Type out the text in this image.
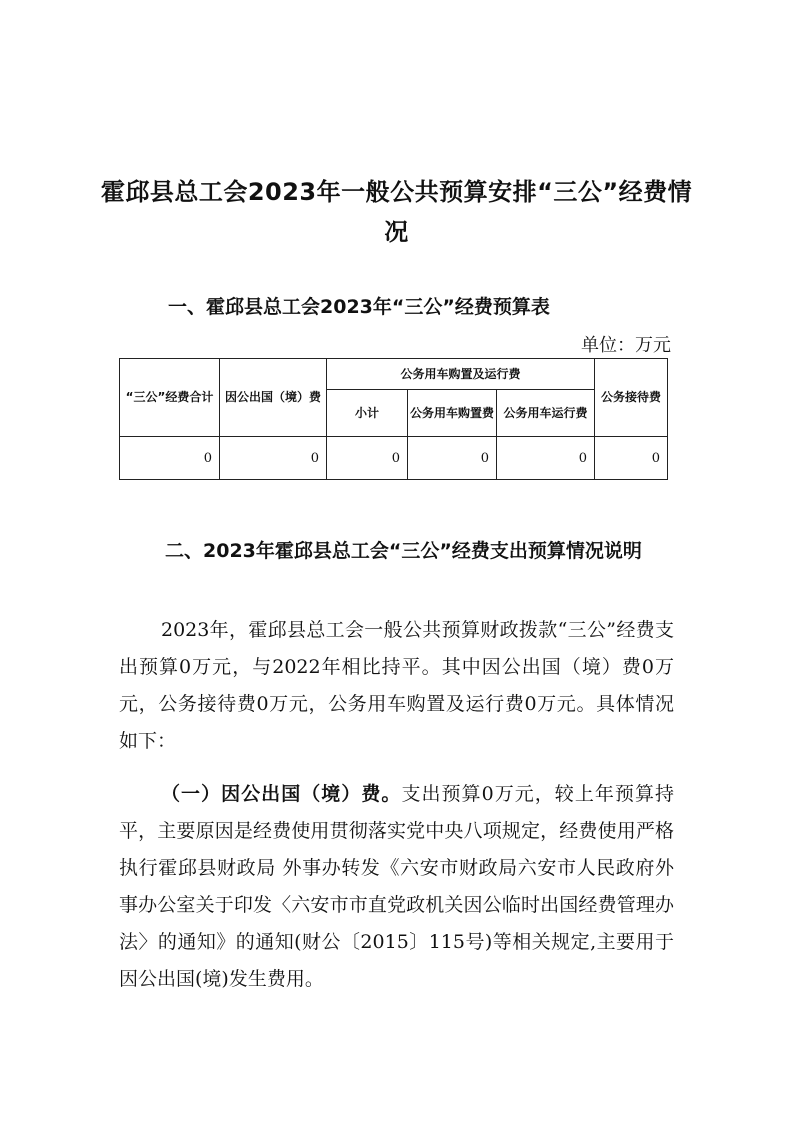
霍邱县总工会2023年一般公共预算安排“三公”经费情况
一、霍邱县总工会2023年“三公”经费预算表
单位：万元
“三公”经费合计	因公出国（境）费	公务用车购置及运行费			公务接待费
		小计	公务用车购置费	公务用车运行费	
0	0	0	0	0	0
二、2023年霍邱县总工会“三公”经费支出预算情况说明
2023年，霍邱县总工会一般公共预算财政拨款“三公”经费支出预算0万元，与2022年相比持平。其中因公出国（境）费0万元，公务接待费0万元，公务用车购置及运行费0万元。具体情况如下：
（一）因公出国（境）费。支出预算0万元，较上年预算持平，主要原因是经费使用贯彻落实党中央八项规定，经费使用严格执行霍邱县财政局 外事办转发《六安市财政局六安市人民政府外事办公室关于印发〈六安市市直党政机关因公临时出国经费管理办法〉的通知》的通知(财公〔2015〕115号)等相关规定,主要用于因公出国(境)发生费用。
